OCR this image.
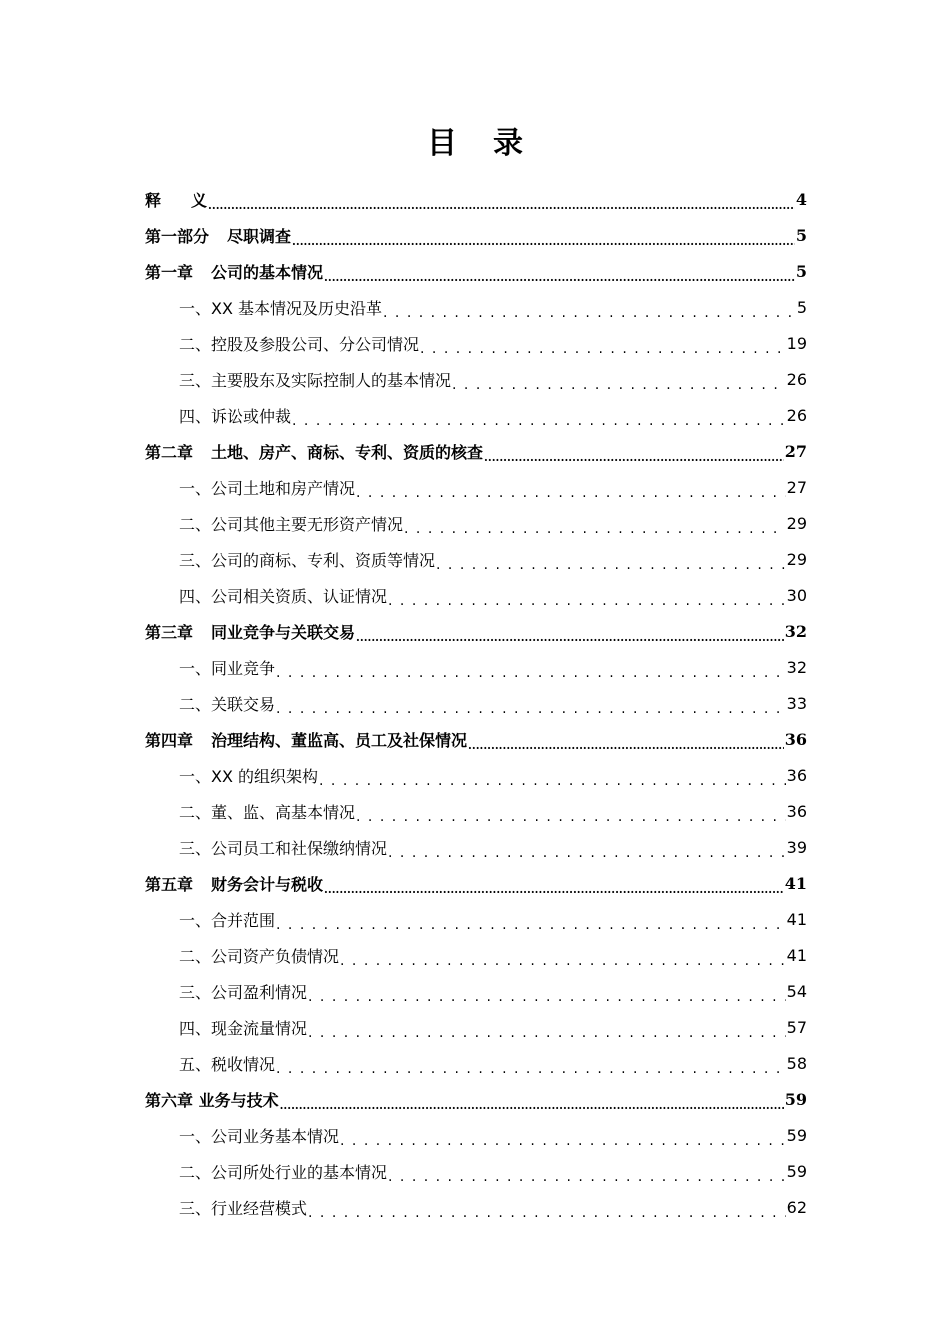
目录
释 义 .....	4
第一部分 尽职调查 .....	5
第一章 公司的基本情况 .....	5
一、XX 基本情况及历史沿革 . . .	5
二、控股及参股公司、分公司情况 . . .	19
三、主要股东及实际控制人的基本情况 . . .	26
四、诉讼或仲裁 . . .	26
第二章 土地、房产、商标、专利、资质的核查 .....	27
一、公司土地和房产情况 . . .	27
二、公司其他主要无形资产情况 . . .	29
三、公司的商标、专利、资质等情况 . . .	29
四、公司相关资质、认证情况 . . .	30
第三章 同业竞争与关联交易 .....	32
一、同业竞争 . . .	32
二、关联交易 . . .	33
第四章 治理结构、董监高、员工及社保情况 .....	36
一、XX 的组织架构 . . .	36
二、董、监、高基本情况 . . .	36
三、公司员工和社保缴纳情况 . . .	39
第五章 财务会计与税收 .....	41
一、合并范围 . . .	41
二、公司资产负债情况 . . .	41
三、公司盈利情况 . . .	54
四、现金流量情况 . . .	57
五、税收情况 . . .	58
第六章 业务与技术 .....	59
一、公司业务基本情况 . . .	59
二、公司所处行业的基本情况 . . .	59
三、行业经营模式 . . .	62
